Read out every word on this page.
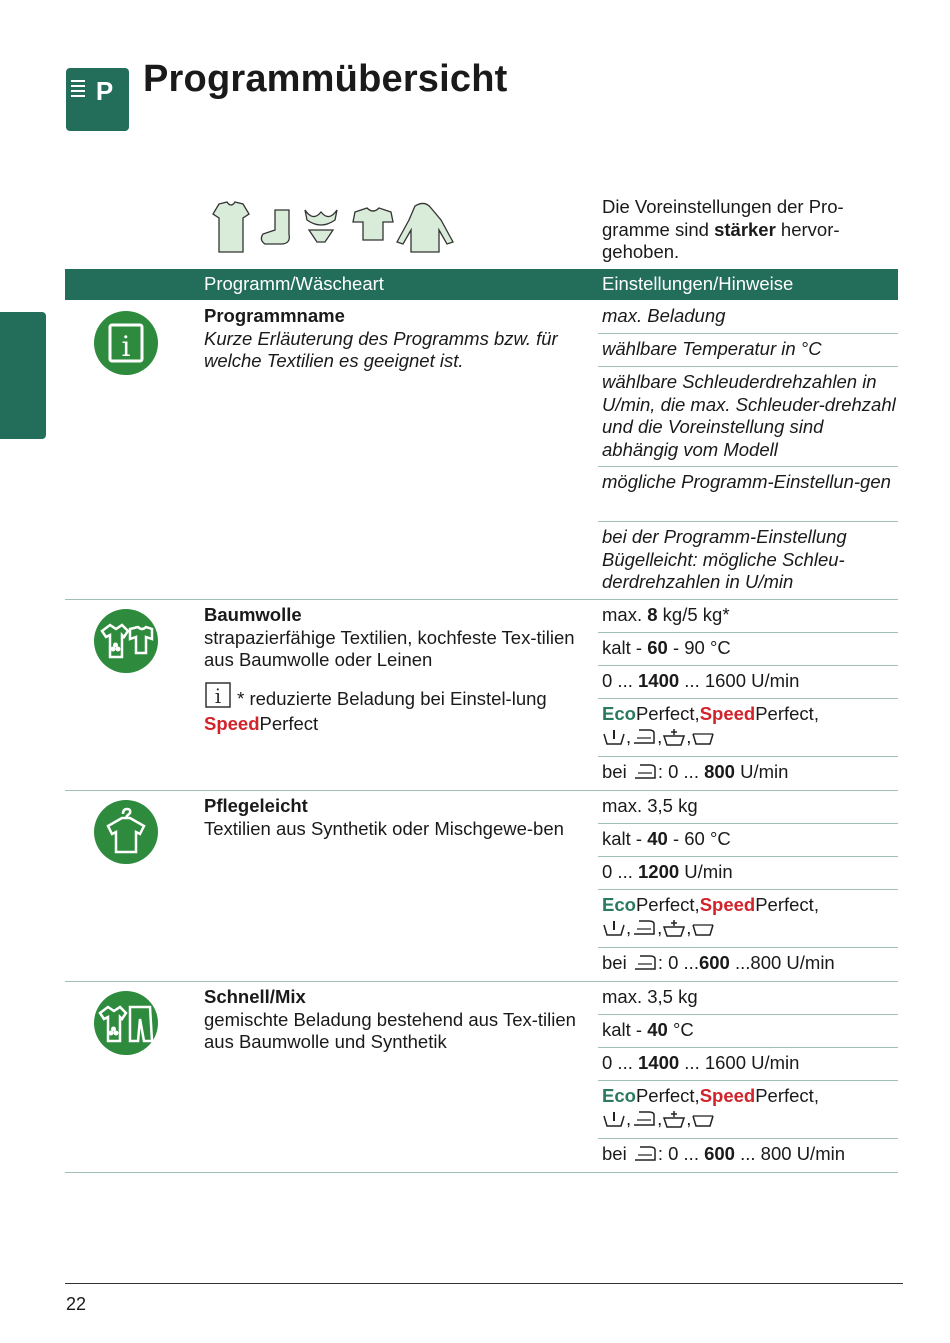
P Programmübersicht
Die Voreinstellungen der Pro-gramme sind stärker hervor-gehoben.
Programm/Wäscheart	Einstellungen/Hinweise
i
Programmname
Kurze Erläuterung des Programms bzw. für welche Textilien es geeignet ist.
max. Beladung
wählbare Temperatur in °C
wählbare Schleuderdrehzahlen in U/min, die max. Schleuder-drehzahl und die Voreinstellung sind abhängig vom Modell
mögliche Programm-Einstellun-gen
bei der Programm-Einstellung Bügelleicht: mögliche Schleu-derdrehzahlen in U/min
Baumwolle
strapazierfähige Textilien, kochfeste Tex-tilien aus Baumwolle oder Leinen
i * reduzierte Beladung bei Einstel-lung SpeedPerfect
max. 8 kg/5 kg*
kalt - 60 - 90 °C
0 ... 1400 ... 1600 U/min
EcoPerfect,SpeedPerfect,
, , ,
bei : 0 ... 800 U/min
Pflegeleicht
Textilien aus Synthetik oder Mischgewe-ben
max. 3,5 kg
kalt - 40 - 60 °C
0 ... 1200 U/min
EcoPerfect,SpeedPerfect,
, , ,
bei : 0 ...600 ...800 U/min
Schnell/Mix
gemischte Beladung bestehend aus Tex-tilien aus Baumwolle und Synthetik
max. 3,5 kg
kalt - 40 °C
0 ... 1400 ... 1600 U/min
EcoPerfect,SpeedPerfect,
, , ,
bei : 0 ... 600 ... 800 U/min
22
